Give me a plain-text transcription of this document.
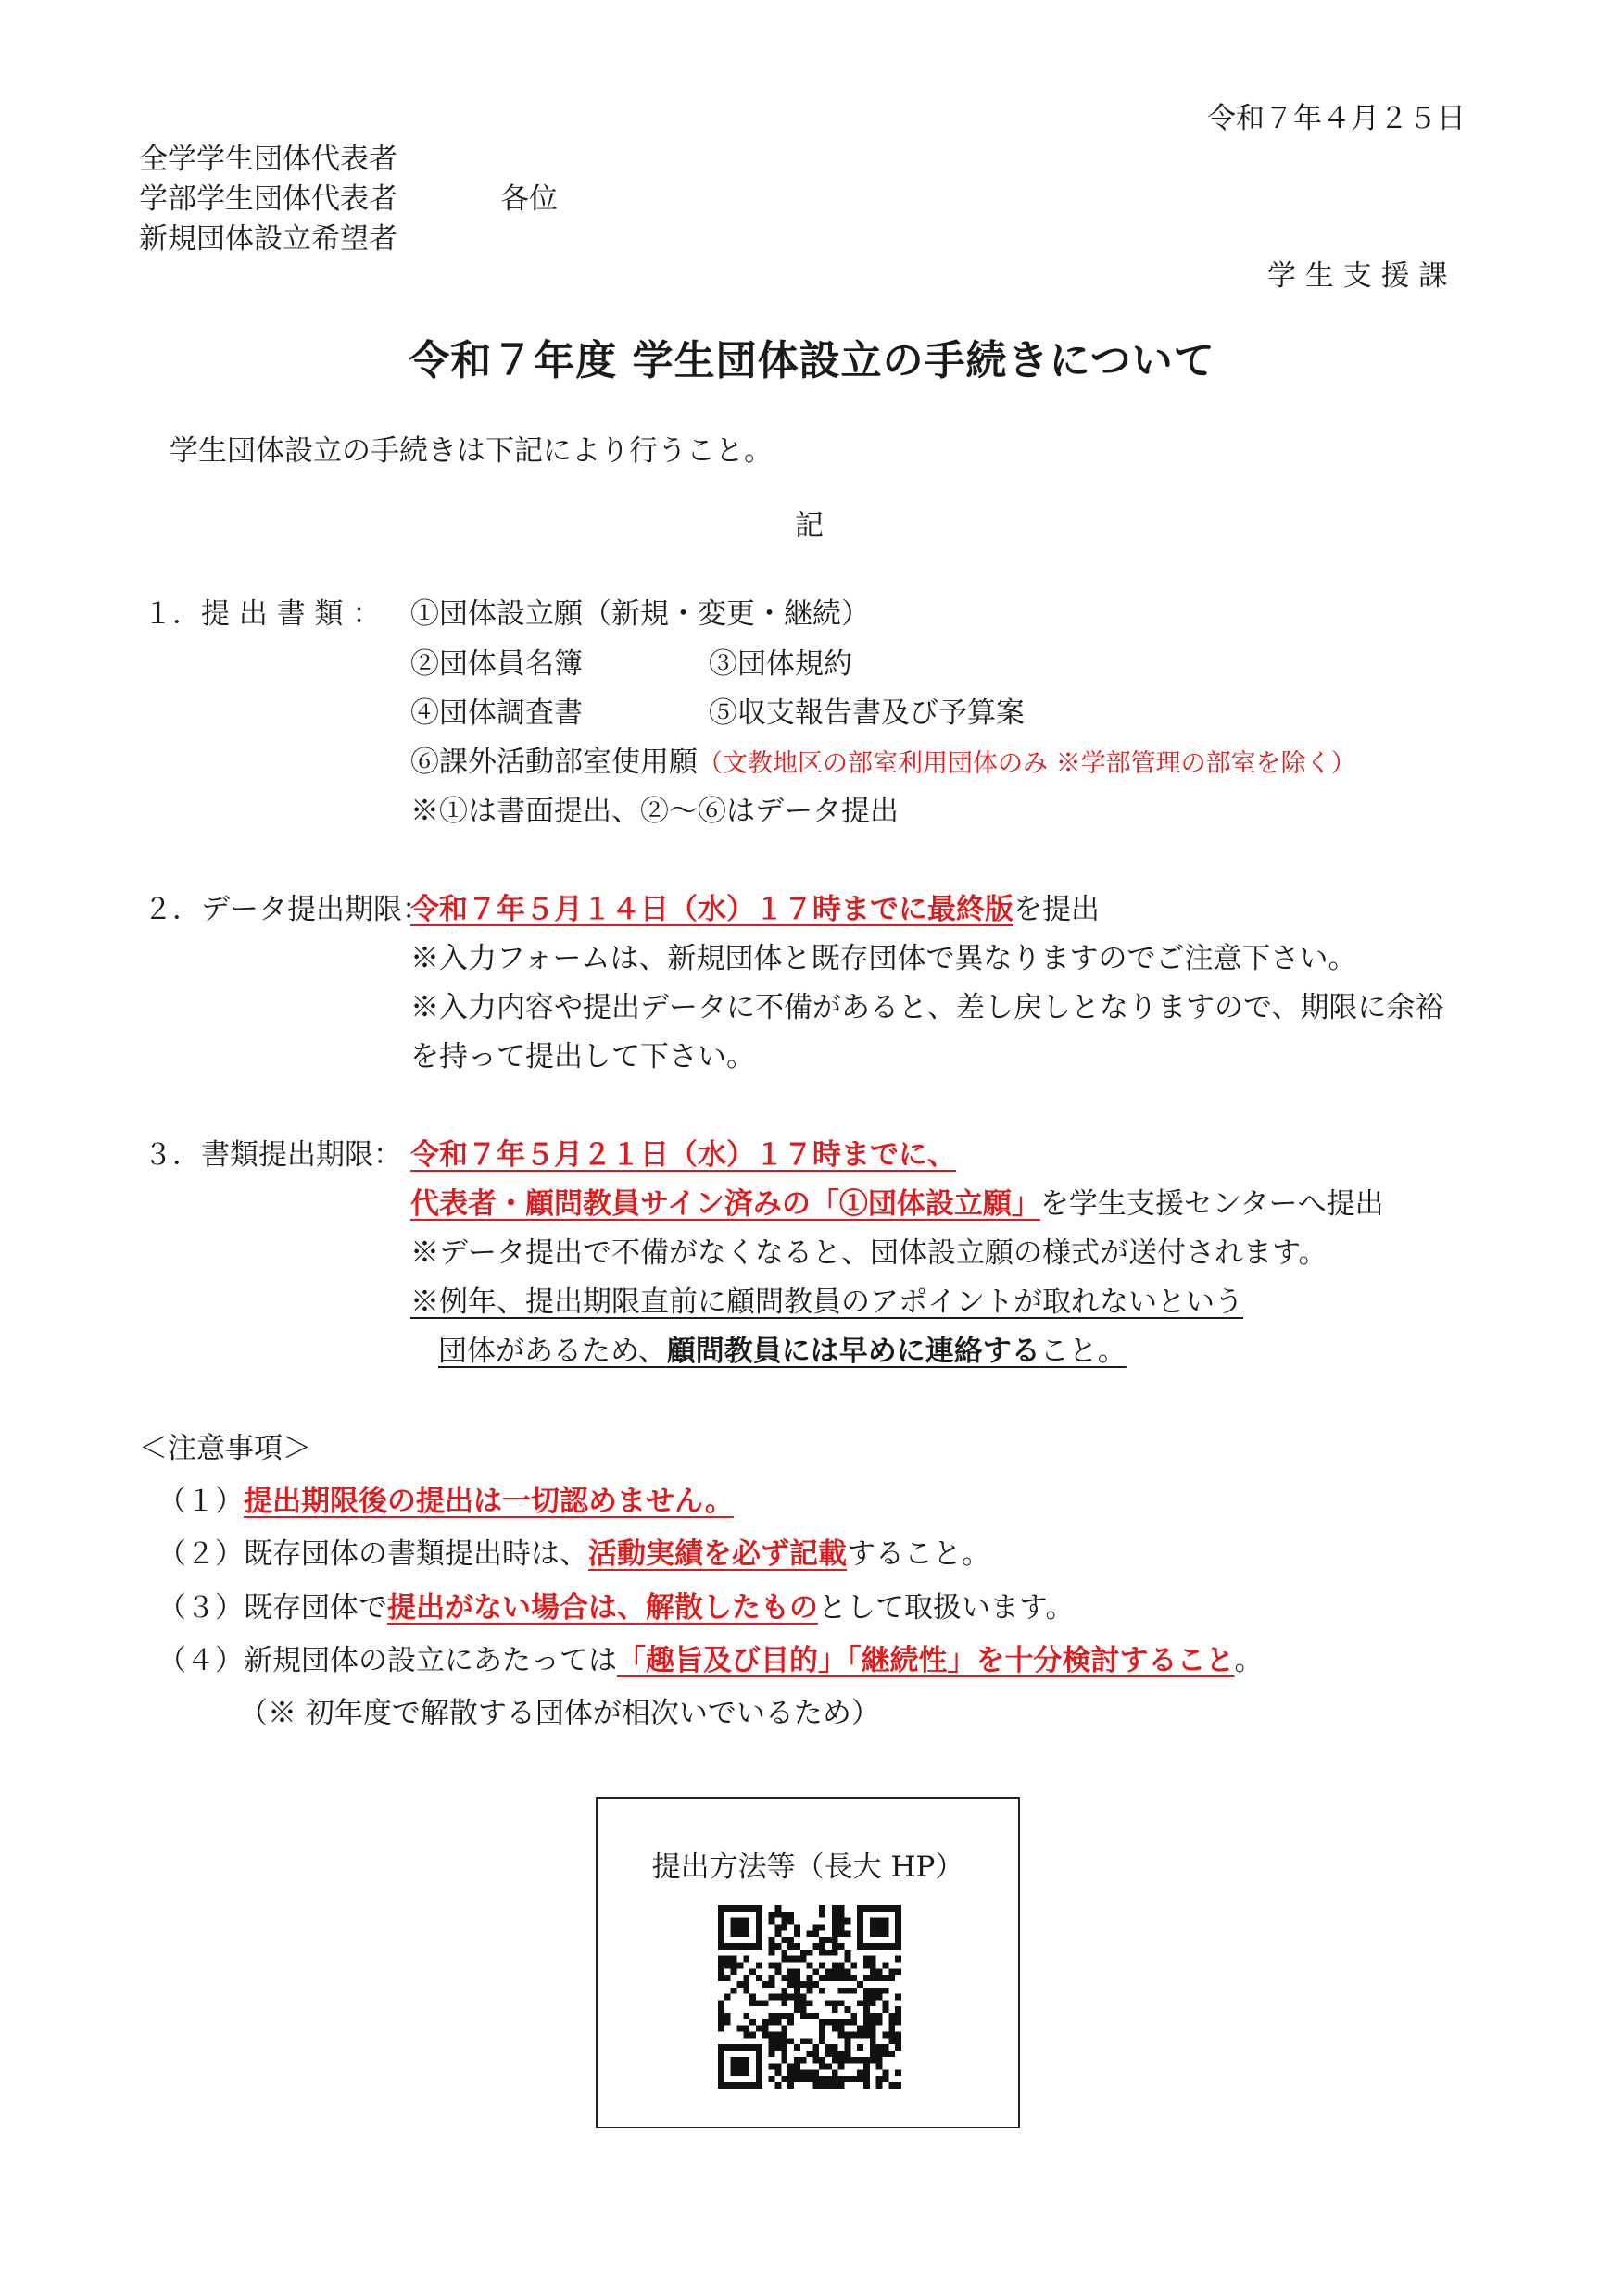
令和７年４月２５日
全学学生団体代表者
学部学生団体代表者
新規団体設立希望者
各位
学 生 支 援 課
令和７年度 学生団体設立の手続きについて
学生団体設立の手続きは下記により行うこと。
記
１．提 出 書 類 ： ①団体設立願（新規・変更・継続）
②団体員名簿	③団体規約
④団体調査書	⑤収支報告書及び予算案
⑥課外活動部室使用願（文教地区の部室利用団体のみ ※学部管理の部室を除く）
※①は書面提出、②～⑥はデータ提出
２．データ提出期限：
令和７年５月１４日（水）１７時までに最終版を提出
※入力フォームは、新規団体と既存団体で異なりますのでご注意下さい。
※入力内容や提出データに不備があると、差し戻しとなりますので、期限に余裕
を持って提出して下さい。
３．書類提出期限： 令和７年５月２１日（水）１７時までに、
代表者・顧問教員サイン済みの「①団体設立願」を学生支援センターへ提出
※データ提出で不備がなくなると、団体設立願の様式が送付されます。
※例年、提出期限直前に顧問教員のアポイントが取れないという
団体があるため、顧問教員には早めに連絡すること。
＜注意事項＞
（１）提出期限後の提出は一切認めません。
（２）既存団体の書類提出時は、活動実績を必ず記載すること。
（３）既存団体で提出がない場合は、解散したものとして取扱います。
（４）新規団体の設立にあたっては「趣旨及び目的」「継続性」を十分検討すること。
（※ 初年度で解散する団体が相次いでいるため）
提出方法等（長大 HP）
